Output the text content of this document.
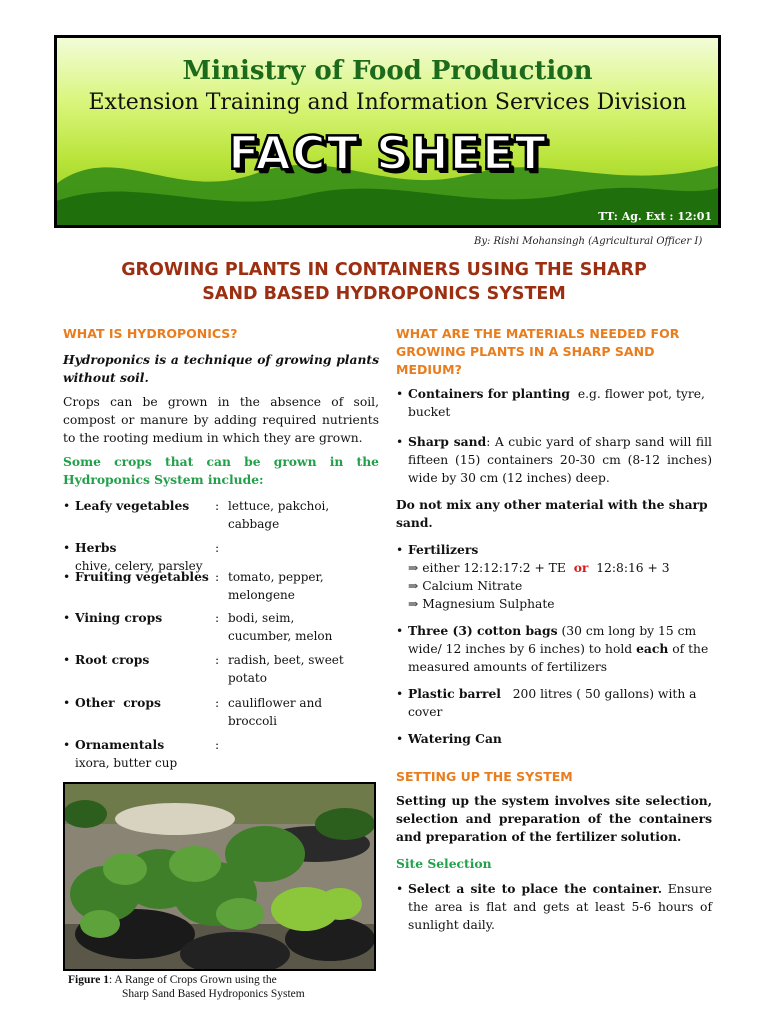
Ministry of Food Production
Extension Training and Information Services Division
FACT SHEET
TT: Ag. Ext : 12:01
By: Rishi Mohansingh (Agricultural Officer I)
GROWING PLANTS IN CONTAINERS USING THE SHARP
SAND BASED HYDROPONICS SYSTEM
WHAT IS HYDROPONICS?
Hydroponics is a technique of growing plants without soil.
Crops can be grown in the absence of soil, compost or manure by adding required nutrients to the rooting medium in which they are grown.
Some crops that can be grown in the Hydroponics System include:
• Leafy vegetables : lettuce, pakchoi, cabbage
• Herbs	:chive, celery, parsley
• Fruiting vegetables : tomato, pepper, melongene
• Vining crops	: bodi, seim, cucumber, melon
• Root crops	: radish, beet, sweet potato
• Other  crops	: cauliflower and broccoli
• Ornamentals	:ixora, butter cup
Figure 1: A Range of Crops Grown using the
Sharp Sand Based Hydroponics System
WHAT ARE THE MATERIALS NEEDED FOR GROWING PLANTS IN A SHARP SAND MEDIUM?
• Containers for planting e.g. flower pot, tyre, bucket
• Sharp sand: A cubic yard of sharp sand will fill fifteen (15) containers 20-30 cm (8-12 inches) wide by 30 cm (12 inches) deep.
Do not mix any other material with the sharp sand.
• Fertilizers
⇒ either 12:12:17:2 + TE or 12:8:16 + 3
⇒ Calcium Nitrate
⇒ Magnesium Sulphate
• Three (3) cotton bags (30 cm long by 15 cm wide/ 12 inches by 6 inches) to hold each of the measured amounts of fertilizers
• Plastic barrel 200 litres ( 50 gallons) with a cover
• Watering Can
SETTING UP THE SYSTEM
Setting up the system involves site selection, selection and preparation of the containers and preparation of the fertilizer solution.
Site Selection
• Select a site to place the container. Ensure the area is flat and gets at least 5-6 hours of sunlight daily.
